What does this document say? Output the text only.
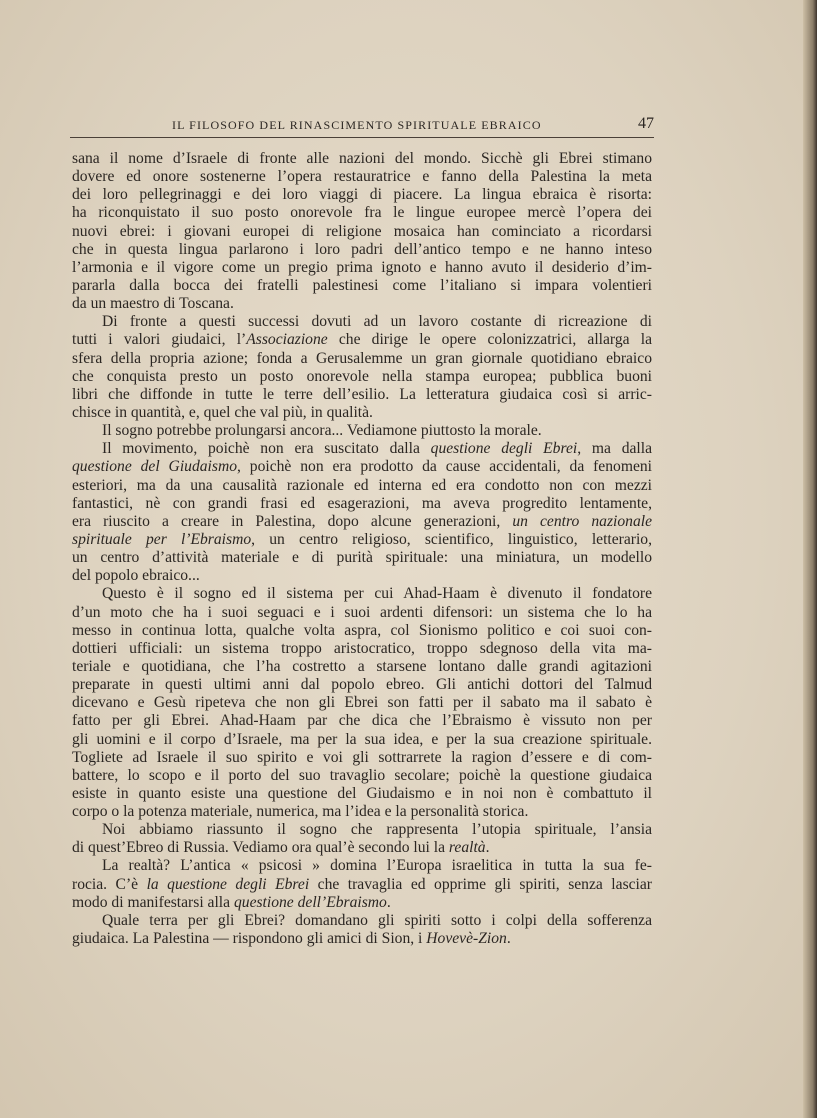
IL FILOSOFO DEL RINASCIMENTO SPIRITUALE EBRAICO	47
sana il nome d’Israele di fronte alle nazioni del mondo. Sicchè gli Ebrei stimano
dovere ed onore sostenerne l’opera restauratrice e fanno della Palestina la meta
dei loro pellegrinaggi e dei loro viaggi di piacere. La lingua ebraica è risorta:
ha riconquistato il suo posto onorevole fra le lingue europee mercè l’opera dei
nuovi ebrei: i giovani europei di religione mosaica han cominciato a ricordarsi
che in questa lingua parlarono i loro padri dell’antico tempo e ne hanno inteso
l’armonia e il vigore come un pregio prima ignoto e hanno avuto il desiderio d’im-
pararla dalla bocca dei fratelli palestinesi come l’italiano si impara volentieri
da un maestro di Toscana.
Di fronte a questi successi dovuti ad un lavoro costante di ricreazione di
tutti i valori giudaici, l’Associazione che dirige le opere colonizzatrici, allarga la
sfera della propria azione; fonda a Gerusalemme un gran giornale quotidiano ebraico
che conquista presto un posto onorevole nella stampa europea; pubblica buoni
libri che diffonde in tutte le terre dell’esilio. La letteratura giudaica così si arric-
chisce in quantità, e, quel che val più, in qualità.
Il sogno potrebbe prolungarsi ancora... Vediamone piuttosto la morale.
Il movimento, poichè non era suscitato dalla questione degli Ebrei, ma dalla
questione del Giudaismo, poichè non era prodotto da cause accidentali, da fenomeni
esteriori, ma da una causalità razionale ed interna ed era condotto non con mezzi
fantastici, nè con grandi frasi ed esagerazioni, ma aveva progredito lentamente,
era riuscito a creare in Palestina, dopo alcune generazioni, un centro nazionale
spirituale per l’Ebraismo, un centro religioso, scientifico, linguistico, letterario,
un centro d’attività materiale e di purità spirituale: una miniatura, un modello
del popolo ebraico...
Questo è il sogno ed il sistema per cui Ahad-Haam è divenuto il fondatore
d’un moto che ha i suoi seguaci e i suoi ardenti difensori: un sistema che lo ha
messo in continua lotta, qualche volta aspra, col Sionismo politico e coi suoi con-
dottieri ufficiali: un sistema troppo aristocratico, troppo sdegnoso della vita ma-
teriale e quotidiana, che l’ha costretto a starsene lontano dalle grandi agitazioni
preparate in questi ultimi anni dal popolo ebreo. Gli antichi dottori del Talmud
dicevano e Gesù ripeteva che non gli Ebrei son fatti per il sabato ma il sabato è
fatto per gli Ebrei. Ahad-Haam par che dica che l’Ebraismo è vissuto non per
gli uomini e il corpo d’Israele, ma per la sua idea, e per la sua creazione spirituale.
Togliete ad Israele il suo spirito e voi gli sottrarrete la ragion d’essere e di com-
battere, lo scopo e il porto del suo travaglio secolare; poichè la questione giudaica
esiste in quanto esiste una questione del Giudaismo e in noi non è combattuto il
corpo o la potenza materiale, numerica, ma l’idea e la personalità storica.
Noi abbiamo riassunto il sogno che rappresenta l’utopia spirituale, l’ansia
di quest’Ebreo di Russia. Vediamo ora qual’è secondo lui la realtà.
La realtà? L’antica « psicosi » domina l’Europa israelitica in tutta la sua fe-
rocia. C’è la questione degli Ebrei che travaglia ed opprime gli spiriti, senza lasciar
modo di manifestarsi alla questione dell’Ebraismo.
Quale terra per gli Ebrei? domandano gli spiriti sotto i colpi della sofferenza
giudaica. La Palestina — rispondono gli amici di Sion, i Hovevè-Zion.
